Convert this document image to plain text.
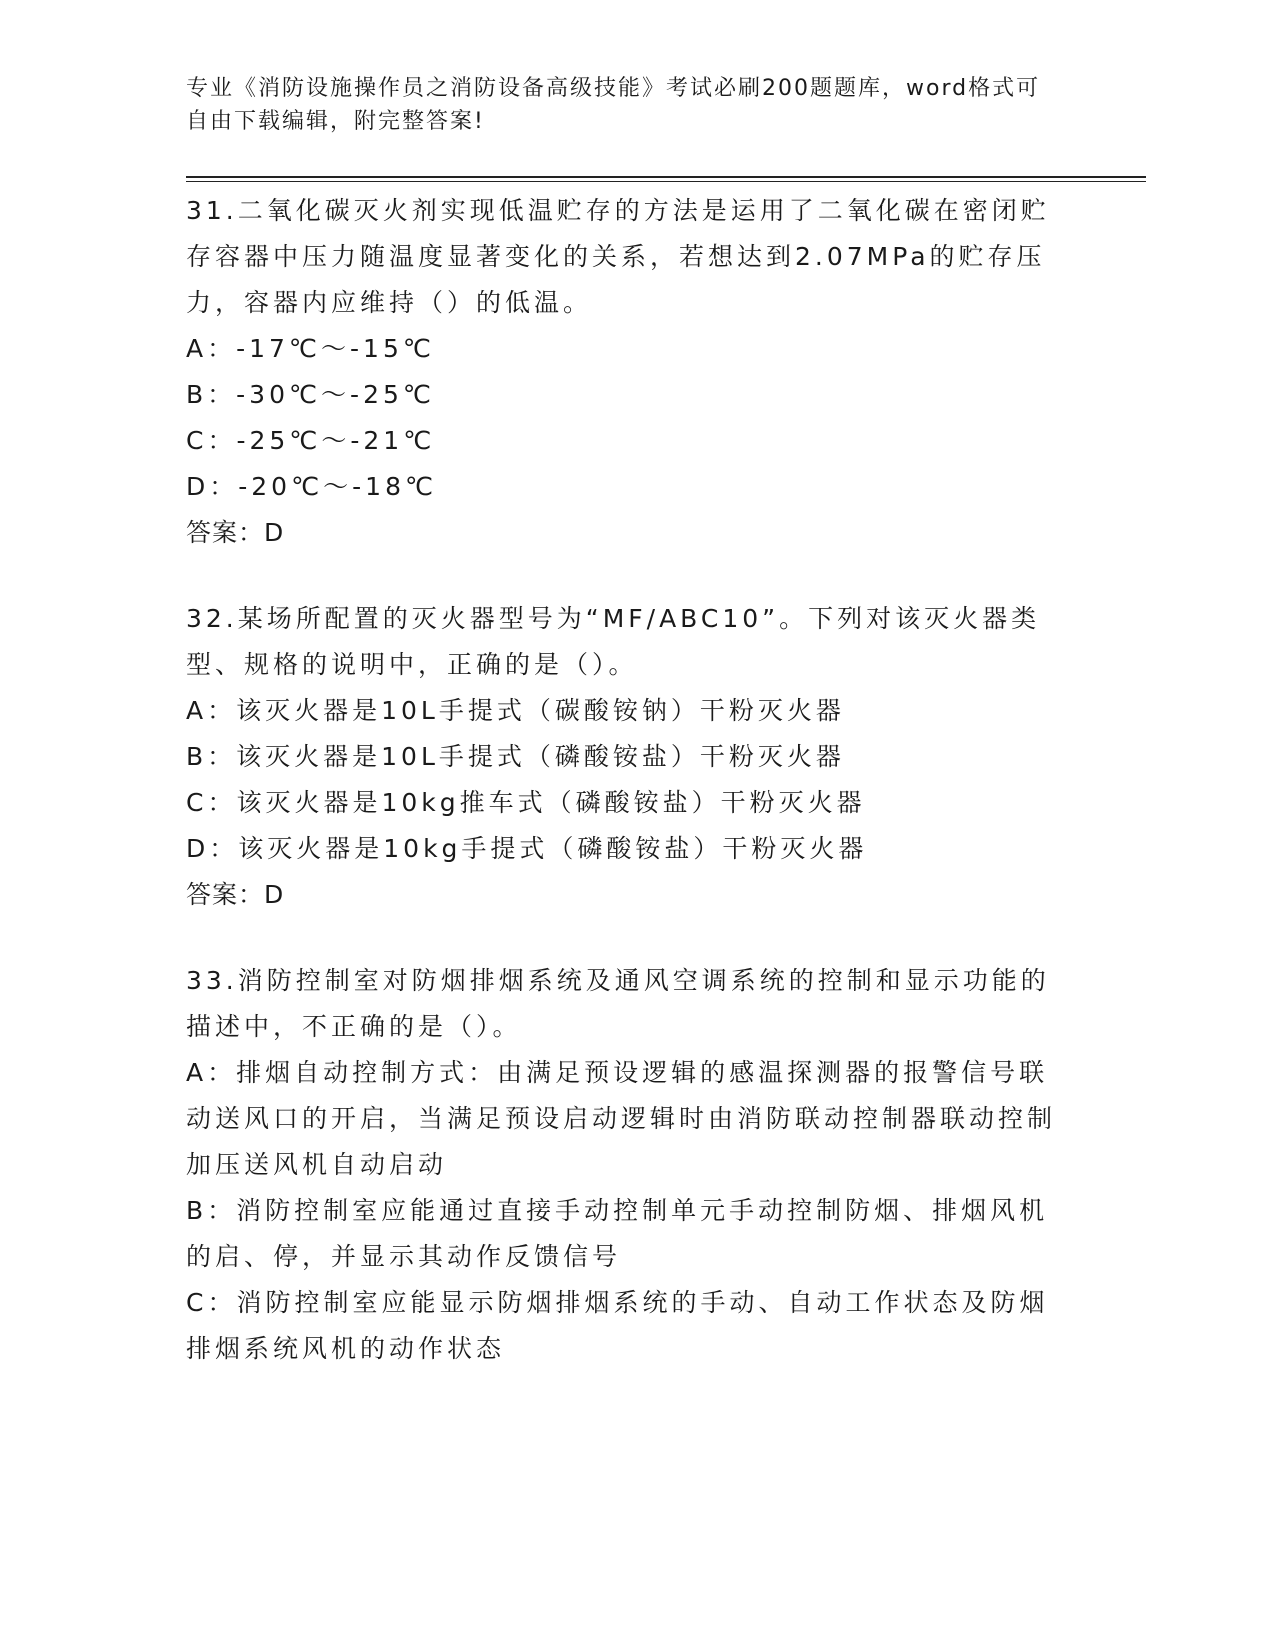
专业《消防设施操作员之消防设备高级技能》考试必刷200题题库，word格式可
自由下载编辑，附完整答案!
31.二氧化碳灭火剂实现低温贮存的方法是运用了二氧化碳在密闭贮存容器中压力随温度显著变化的关系，若想达到2.07MPa的贮存压力，容器内应维持（）的低温。
A：-17℃～-15℃
B：-30℃～-25℃
C：-25℃～-21℃
D：-20℃～-18℃
答案：D
32.某场所配置的灭火器型号为“MF/ABC10”。下列对该灭火器类型、规格的说明中，正确的是（）。
A：该灭火器是10L手提式（碳酸铵钠）干粉灭火器
B：该灭火器是10L手提式（磷酸铵盐）干粉灭火器
C：该灭火器是10kg推车式（磷酸铵盐）干粉灭火器
D：该灭火器是10kg手提式（磷酸铵盐）干粉灭火器
答案：D
33.消防控制室对防烟排烟系统及通风空调系统的控制和显示功能的描述中，不正确的是（）。
A：排烟自动控制方式：由满足预设逻辑的感温探测器的报警信号联动送风口的开启，当满足预设启动逻辑时由消防联动控制器联动控制加压送风机自动启动
B：消防控制室应能通过直接手动控制单元手动控制防烟、排烟风机的启、停，并显示其动作反馈信号
C：消防控制室应能显示防烟排烟系统的手动、自动工作状态及防烟排烟系统风机的动作状态
